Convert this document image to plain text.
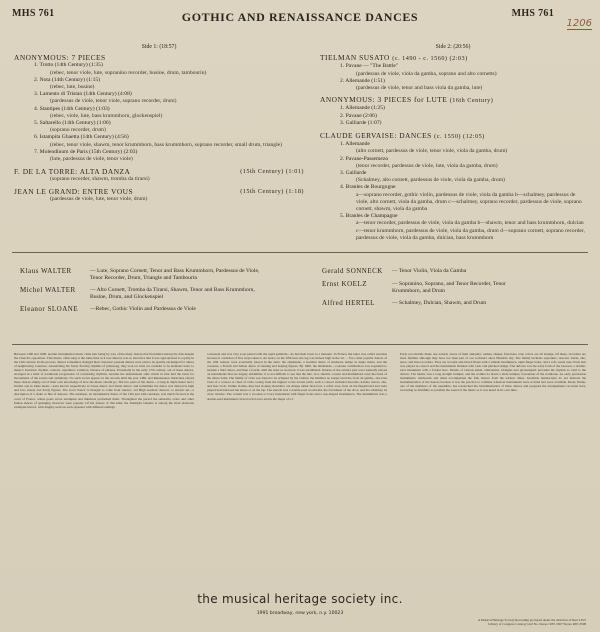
MHS 761	MHS 761
1206
GOTHIC AND RENAISSANCE DANCES
Side 1: (18:57)
ANONYMOUS: 7 PIECES
1. Trotto (14th Century) (1:35)
(rebec, tenor viole, lute, sopranino recorder, busine, drum, tambourin)
2. Nota (14th Century) (1:15)
(rebec, lute, busine)
3. Lamento di Tristan (14th Century) (4:08)
(pardessus de viole, tenor viole, soprano recorder, drum)
4. Stantipes (14th Century) (1:03)
(rebec, viole, lute, bass krummhorn, glockenspiel)
5. Saltarello (14th Century) (1:06)
(soprano recorder, drum)
6. Istampita Ghaetta (14th Century) (4:56)
(rebec, tenor viole, shawm, tenor krummhorn, bass krummhorn, soprano recorder, small drum, triangle)
7. Molendinum de Paris (15th Century) (2:03)
(lute, pardessus de viole, tenor viole)
F. DE LA TORRE: ALTA DANZA	(15th Century) (1:01)
(soprano recorder, shawm, tromba da tirarsi)
JEAN LE GRAND: ENTRE VOUS	(15th Century) (1:18)
(pardessus de viole, lute, tenor viole, drum)
Side 2: (20:56)
TIELMAN SUSATO (c. 1490 - c. 1560) (2:03)
1. Pavane — "The Battle"
(pardessus de viole, viola da gamba, soprano and alto cornetts)
2. Allemande (1:51)
(pardessus de viole, tenor and bass viola da gamba, lute)
ANONYMOUS: 3 PIECES for LUTE (16th Century)
1. Allemande (1:25)
2. Pavane (2:06)
3. Galliarde (1:07)
CLAUDE GERVAISE: DANCES (c. 1550) (12:05)
1. Allemande
(alto cornett, pardessus de viole, tenor viole, viola da gamba, drum)
2. Pavane-Passemezo
(tenor recorder, pardessus de viole, lute, viola da gamba, drum)
3. Gaillarde
(Schalmey, alto cornett, pardessus de viole, viola da gamba, drum)
4. Branles de Bourgogne
a—soprano recorder, gothic violin, pardessus de viole, viola da gamba b—schalmey, pardessus de viole, alto cornett, viola da gamba, drum c—schalmey, soprano recorder, pardessus de viole, soprano cornett, shawm, viola da gamba
5. Branles de Champagne
a—tenor recorder, pardessus de viole, viola da gamba b—shawm, tenor and bass krummhorn, dulcian c—tenor krummhorn, pardessus de viole, viola da gamba, drum d—soprano cornett, soprano recorder, pardessus de viole, viola da gamba, dulcian, bass krummhorn
Klaus WALTER	— Lute, Soprano Cornett, Tenor and Bass Krummhorn, Pardessus de Viole, Tenor Recorder, Drum, Triangle and Tambourin
Michel WALTER	— Alto Cornett, Tromba da Tirarsi, Shawm, Tenor and Bass Krummhorn, Busine, Drum, and Glockenspiel
Eleanor SLOANE —Rebec, Gothic Violin and Pardessus de Viole
Gerald SONNECK — Tenor Violin, Viola da Gamba
Ernst KOELZ	— Sopranino, Soprano, and Tenor Recorder, Tenor Krummhorn, and Drum
Alfred HERTEL	— Schalmey, Dulcian, Shawm, and Drum
Between 1300 and 1600, secular instrumental music came into being by way of the many dances that flourished among the folk despite the Church's opposition. This music, often sung at the same time as it was danced, was so attractive that it was appropriated to royalty in the 14th century. In the process, dances sometimes changed their character: peasant dances were said to be prettily exchanged for others of neighboring countries. Abandoning the freely flowing rhythms of plainsong, they took on what we consider to be elements basic to music's structure: rhythm, contrast, repetition, variation, balance of phrases. Eventually in the early 17th century, out of these dances, arranged in a kind of traditional progression of contrasting rhythms, became the instrumental suite which in turn laid the basis for movements of the sonata and symphony. No such scores appear on the records until the year 1480, and Renaissance musicians played these dances simply out of their own knowledge of how the music should go. The two parts of the dance—a song in duple meter and a livelier one in triple meter—were known respectively as 'basse dance' and 'haute dance', and sometimes the dance was danced in high and low, stately and lively figures. The word 'dance' is thought to come from 'danser', old High German 'danson', to stretch out—a description of a chain or line of dancers. The estampie, an instrumental dance of the 13th and 14th centuries, was much favored at the court of France, where poets wrote estampies and minstrels performed them. Throughout the period the saltarello, trotto and other Italian dances of springing character were popular. Of the dances of this kind, the Istampita Ghaetta is among the most elaborate examples known, with lengthy sections each repeated with different endings.
a measure and was very soon paired with the rapid galliarde—he had their basic to a measure. In France, the latter was called tourdion because it consisted of five steps taken to six beats; on the fifth beat, the leg was kicked high in the air. . . Two other popular dances of the 16th century were eventually placed in the suite: the allemande, a German dance of moderate tempo in duple meter, and the courante, a French and Italian dance of running and leaping figures. By 1600, the allemande—courante combination was expanded to include a third dance, and then a fourth, until the suite as we know it was established. Dances of the century past were naturally played on instruments that are largely unfamiliar; it is not difficult to see that the lute, viol, shawm, cornett and krummhorn were the basis of the dance band. The family of viols was found to be eclipsed by the violins; the member no longer used the viola da gamba—the bass viola of a consort or chest of viols. Going from the highest to the lowest pitch, such a consort included descants, trebles, tenors, alto, and bass viols. Unlike violins, they had sloping shoulders, six strings rather than four, a softer tone, frets on the fingerboard and were played held between the knees or on the lap. The shawm was a double-reed woodwind, the forerunner of the oboe, and the schalmey its close relative. The cornett was a wooden or ivory instrument with finger holes and a cup-shaped mouthpiece. The krummhorn was a double-reed instrument curved at its lower end in the shape of a J.
Early woodwinds make one acutely aware of their antiquity: names, shapes, functions, tone colors are all strange. Of these, recorders are most familiar although they have not been part of our orchestra since Handel's day. The family includes sopranino, descant, treble, alto, tenor, and bass recorders. They are wooden end-blown flutes with a whistle mouthpiece, eight finger holes, and a soft, sweet tone. Each size was played in consort and the instruments blended with viols and plucked strings. The dulcian was the early form of the bassoon, a double-reed instrument with a folded bore. Drums of various kinds, tambourins, triangles and glockenspiel provided the rhythm so vital to the dances. The busine was a long straight trumpet, and the tromba da tirarsi a slide trumpet, forerunner of the trombone. As early percussion instruments, tambourin and drum accompanied the folk dances from the earliest times. Available manuscripts do not indicate the instrumentation of the dances because it was the practice to combine whatever instruments were at hand and were available. Klaus Walter, one of the members of the ensemble, has researched the instrumentation of these dances and prepared the arrangements recorded here, recreating as faithfully as possible the sound of the music as it was heard in its own time.
the musical heritage society inc.
1991 broadway, new york, n.y. 10023
A Musical Heritage Society Recording produced under the direction of Kurt LIST Library of Congress Catalog Card No. Stereo: R67-3507 Stereo R67-3508
